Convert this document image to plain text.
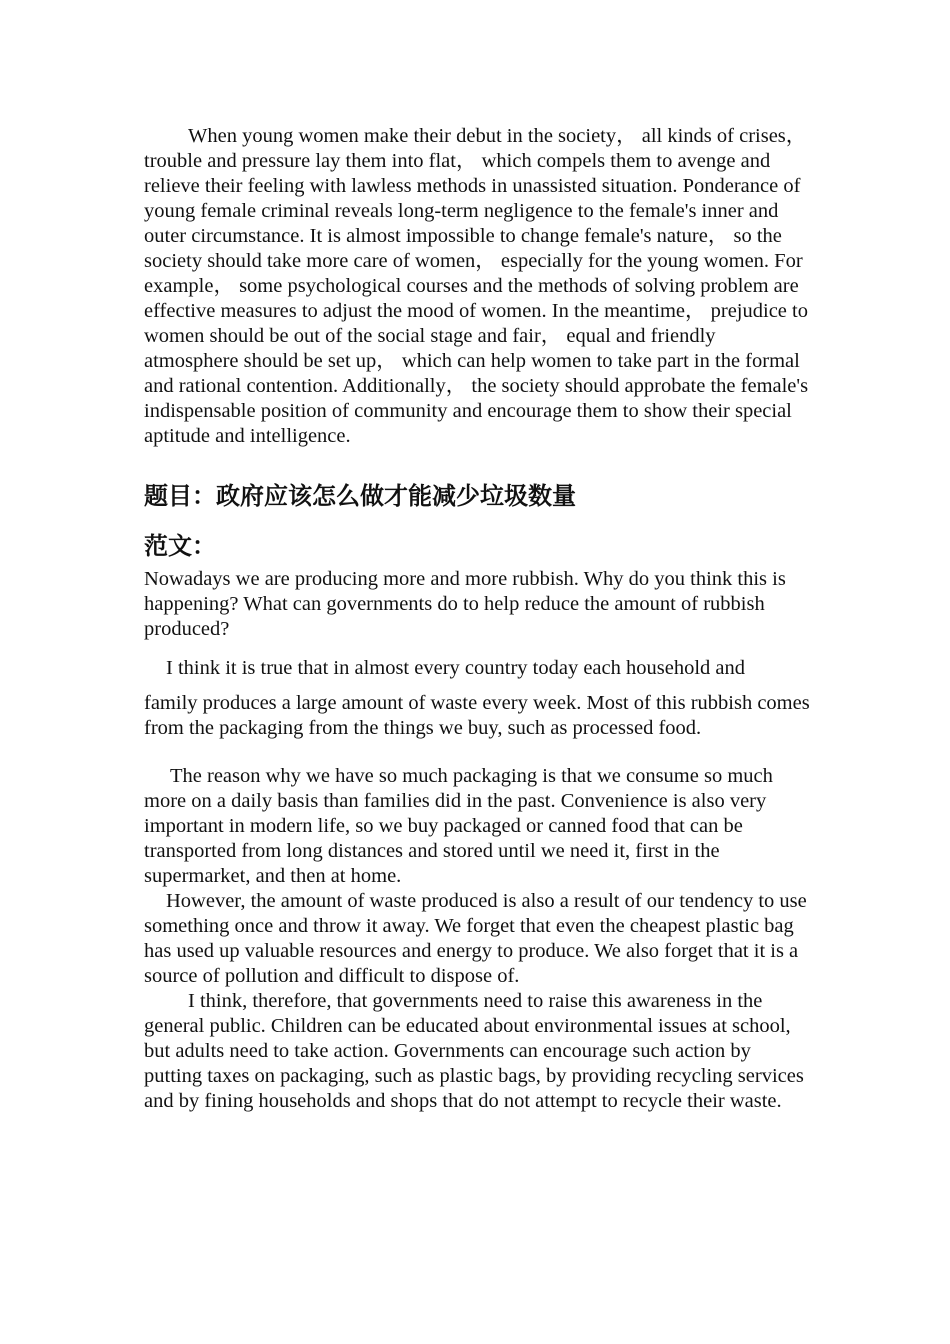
When young women make their debut in the society， all kinds of crises， trouble and pressure lay them into flat， which compels them to avenge and relieve their feeling with lawless methods in unassisted situation. Ponderance of young female criminal reveals long-term negligence to the female's inner and outer circumstance. It is almost impossible to change female's nature， so the society should take more care of women， especially for the young women. For example， some psychological courses and the methods of solving problem are effective measures to adjust the mood of women. In the meantime， prejudice to women should be out of the social stage and fair， equal and friendly atmosphere should be set up， which can help women to take part in the formal and rational contention. Additionally， the society should approbate the female's indispensable position of community and encourage them to show their special aptitude and intelligence.

题目：政府应该怎么做才能减少垃圾数量

范文：

Nowadays we are producing more and more rubbish. Why do you think this is happening? What can governments do to help reduce the amount of rubbish produced?

I think it is true that in almost every country today each household and

family produces a large amount of waste every week. Most of this rubbish comes from the packaging from the things we buy, such as processed food.

The reason why we have so much packaging is that we consume so much more on a daily basis than families did in the past. Convenience is also very important in modern life, so we buy packaged or canned food that can be transported from long distances and stored until we need it, first in the supermarket, and then at home.

However, the amount of waste produced is also a result of our tendency to use something once and throw it away. We forget that even the cheapest plastic bag has used up valuable resources and energy to produce. We also forget that it is a source of pollution and difficult to dispose of.

I think, therefore, that governments need to raise this awareness in the general public. Children can be educated about environmental issues at school, but adults need to take action. Governments can encourage such action by putting taxes on packaging, such as plastic bags, by providing recycling services and by fining households and shops that do not attempt to recycle their waste.
